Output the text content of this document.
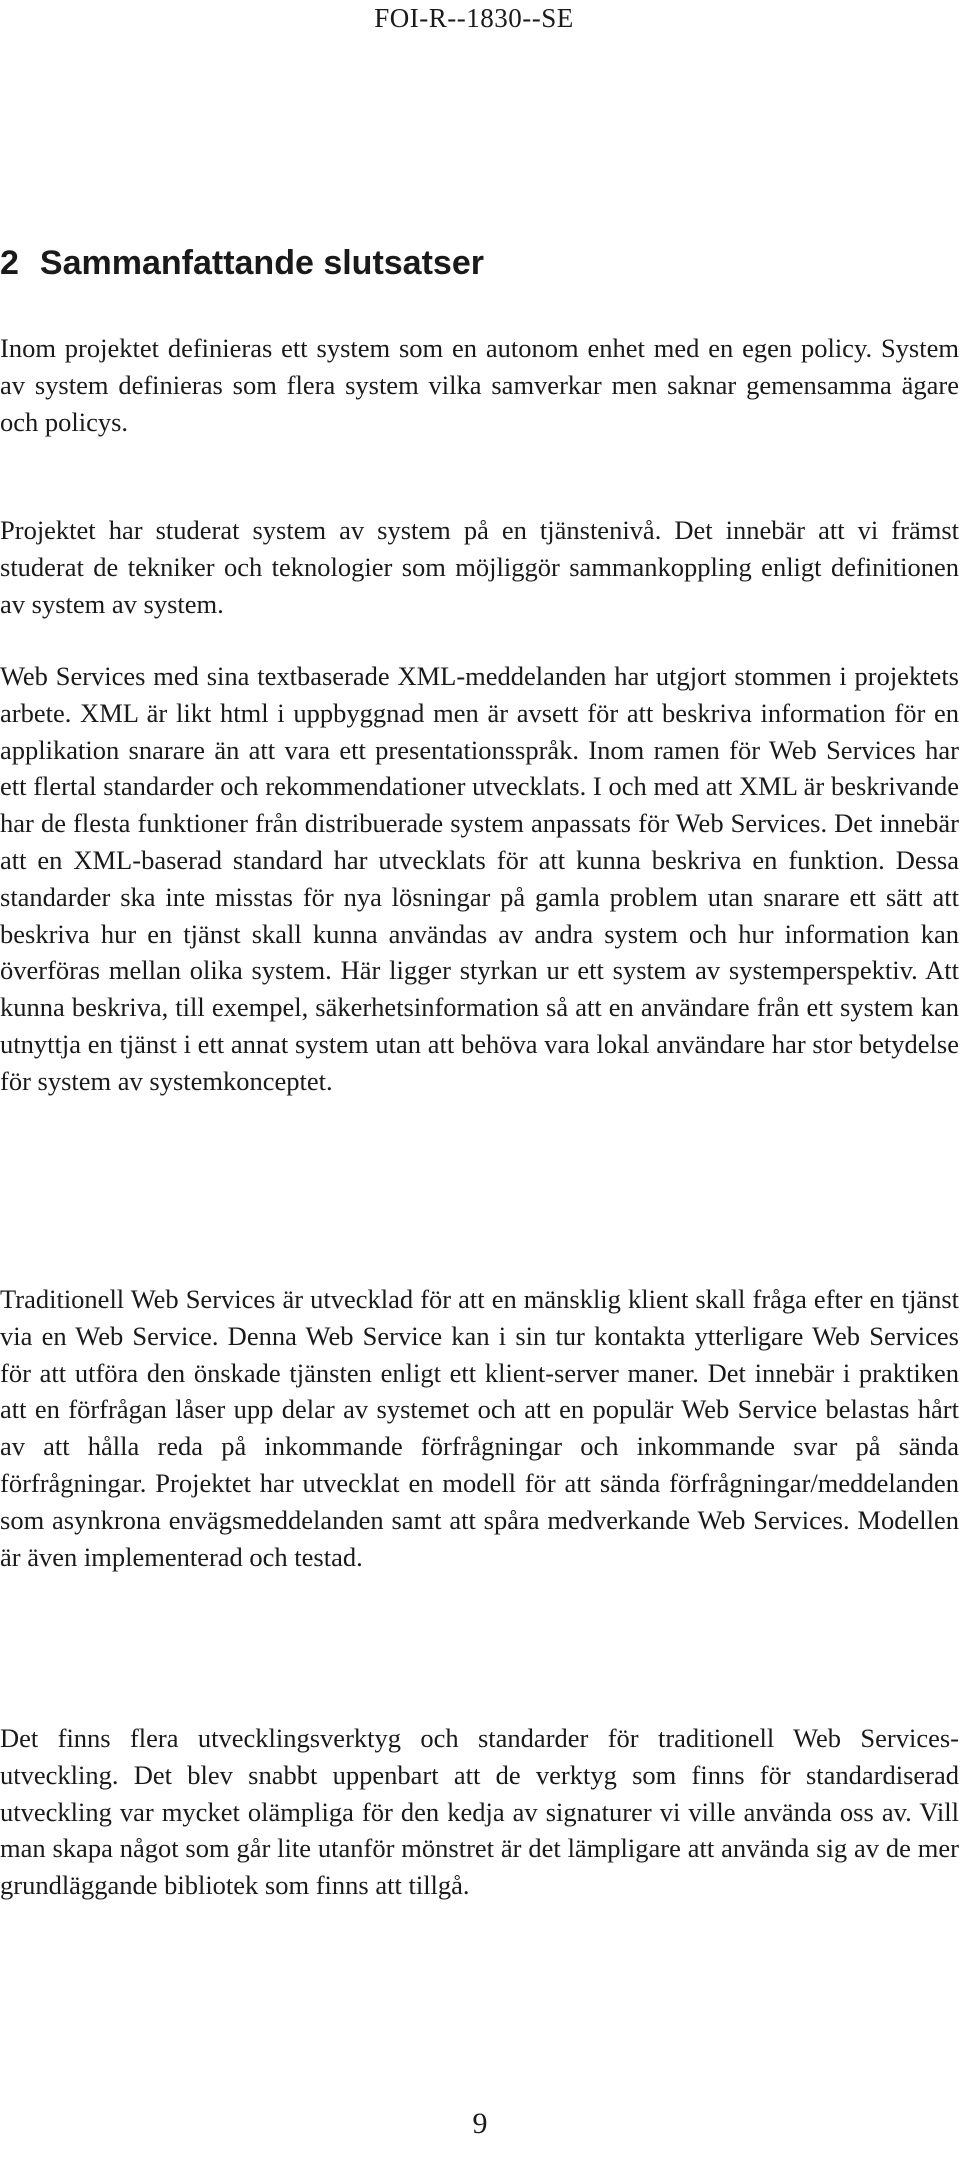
FOI-R--1830--SE
2 Sammanfattande slutsatser

Inom projektet definieras ett system som en autonom enhet med en egen policy. System av system definieras som flera system vilka samverkar men saknar gemensamma ägare och policys.

Projektet har studerat system av system på en tjänstenivå. Det innebär att vi främst studerat de tekniker och teknologier som möjliggör sammankoppling enligt definitionen av system av system.

Web Services med sina textbaserade XML-meddelanden har utgjort stommen i projektets arbete. XML är likt html i uppbyggnad men är avsett för att beskriva information för en applikation snarare än att vara ett presentationsspråk. Inom ramen för Web Services har ett flertal standarder och rekommendationer utvecklats. I och med att XML är beskrivande har de flesta funktioner från distribuerade system anpassats för Web Services. Det innebär att en XML-baserad standard har utvecklats för att kunna beskriva en funktion. Dessa standarder ska inte misstas för nya lösningar på gamla problem utan snarare ett sätt att beskriva hur en tjänst skall kunna användas av andra system och hur information kan överföras mellan olika system. Här ligger styrkan ur ett system av systemperspektiv. Att kunna beskriva, till exempel, säkerhetsinformation så att en användare från ett system kan utnyttja en tjänst i ett annat system utan att behöva vara lokal användare har stor betydelse för system av systemkonceptet.

Traditionell Web Services är utvecklad för att en mänsklig klient skall fråga efter en tjänst via en Web Service. Denna Web Service kan i sin tur kontakta ytterligare Web Services för att utföra den önskade tjänsten enligt ett klient-server maner. Det innebär i praktiken att en förfrågan låser upp delar av systemet och att en populär Web Service belastas hårt av att hålla reda på inkommande förfrågningar och inkommande svar på sända förfrågningar. Projektet har utvecklat en modell för att sända förfrågningar/meddelanden som asynkrona envägsmeddelanden samt att spåra medverkande Web Services. Modellen är även implementerad och testad.

Det finns flera utvecklingsverktyg och standarder för traditionell Web Services-utveckling. Det blev snabbt uppenbart att de verktyg som finns för standardiserad utveckling var mycket olämpliga för den kedja av signaturer vi ville använda oss av. Vill man skapa något som går lite utanför mönstret är det lämpligare att använda sig av de mer grundläggande bibliotek som finns att tillgå.

9
